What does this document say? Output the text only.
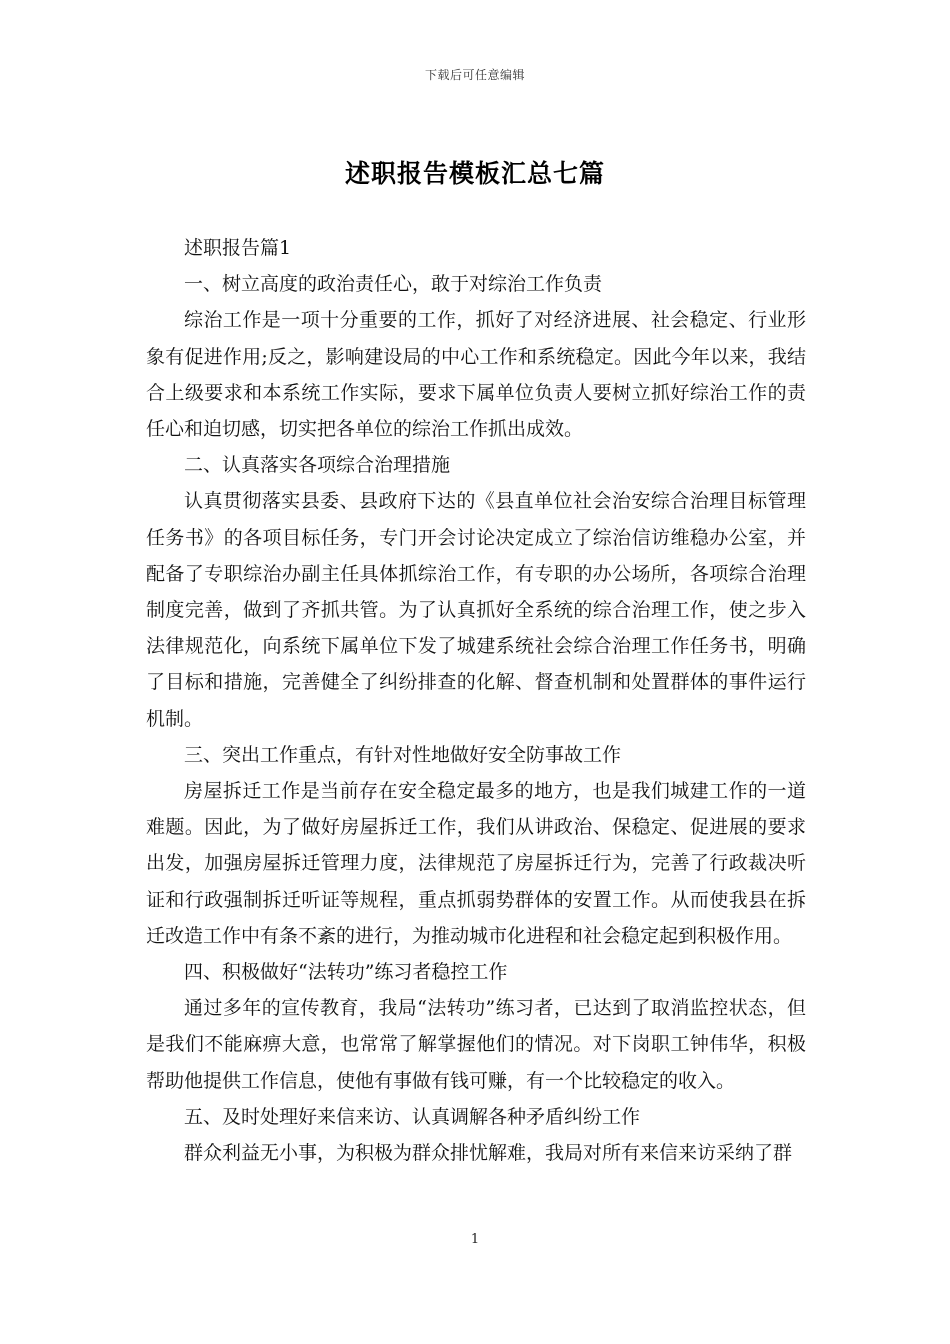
下载后可任意编辑
述职报告模板汇总七篇

述职报告篇1

一、树立高度的政治责任心，敢于对综治工作负责

综治工作是一项十分重要的工作，抓好了对经济进展、社会稳定、行业形象有促进作用;反之，影响建设局的中心工作和系统稳定。因此今年以来，我结合上级要求和本系统工作实际，要求下属单位负责人要树立抓好综治工作的责任心和迫切感，切实把各单位的综治工作抓出成效。

二、认真落实各项综合治理措施

认真贯彻落实县委、县政府下达的《县直单位社会治安综合治理目标管理任务书》的各项目标任务，专门开会讨论决定成立了综治信访维稳办公室，并配备了专职综治办副主任具体抓综治工作，有专职的办公场所，各项综合治理制度完善，做到了齐抓共管。为了认真抓好全系统的综合治理工作，使之步入法律规范化，向系统下属单位下发了城建系统社会综合治理工作任务书，明确了目标和措施，完善健全了纠纷排查的化解、督查机制和处置群体的事件运行机制。

三、突出工作重点，有针对性地做好安全防事故工作

房屋拆迁工作是当前存在安全稳定最多的地方，也是我们城建工作的一道难题。因此，为了做好房屋拆迁工作，我们从讲政治、保稳定、促进展的要求出发，加强房屋拆迁管理力度，法律规范了房屋拆迁行为，完善了行政裁决听证和行政强制拆迁听证等规程，重点抓弱势群体的安置工作。从而使我县在拆迁改造工作中有条不紊的进行，为推动城市化进程和社会稳定起到积极作用。

四、积极做好“法转功”练习者稳控工作

通过多年的宣传教育，我局“法转功”练习者，已达到了取消监控状态，但是我们不能麻痹大意，也常常了解掌握他们的情况。对下岗职工钟伟华，积极帮助他提供工作信息，使他有事做有钱可赚，有一个比较稳定的收入。

五、及时处理好来信来访、认真调解各种矛盾纠纷工作

群众利益无小事，为积极为群众排忧解难，我局对所有来信来访采纳了群

1
